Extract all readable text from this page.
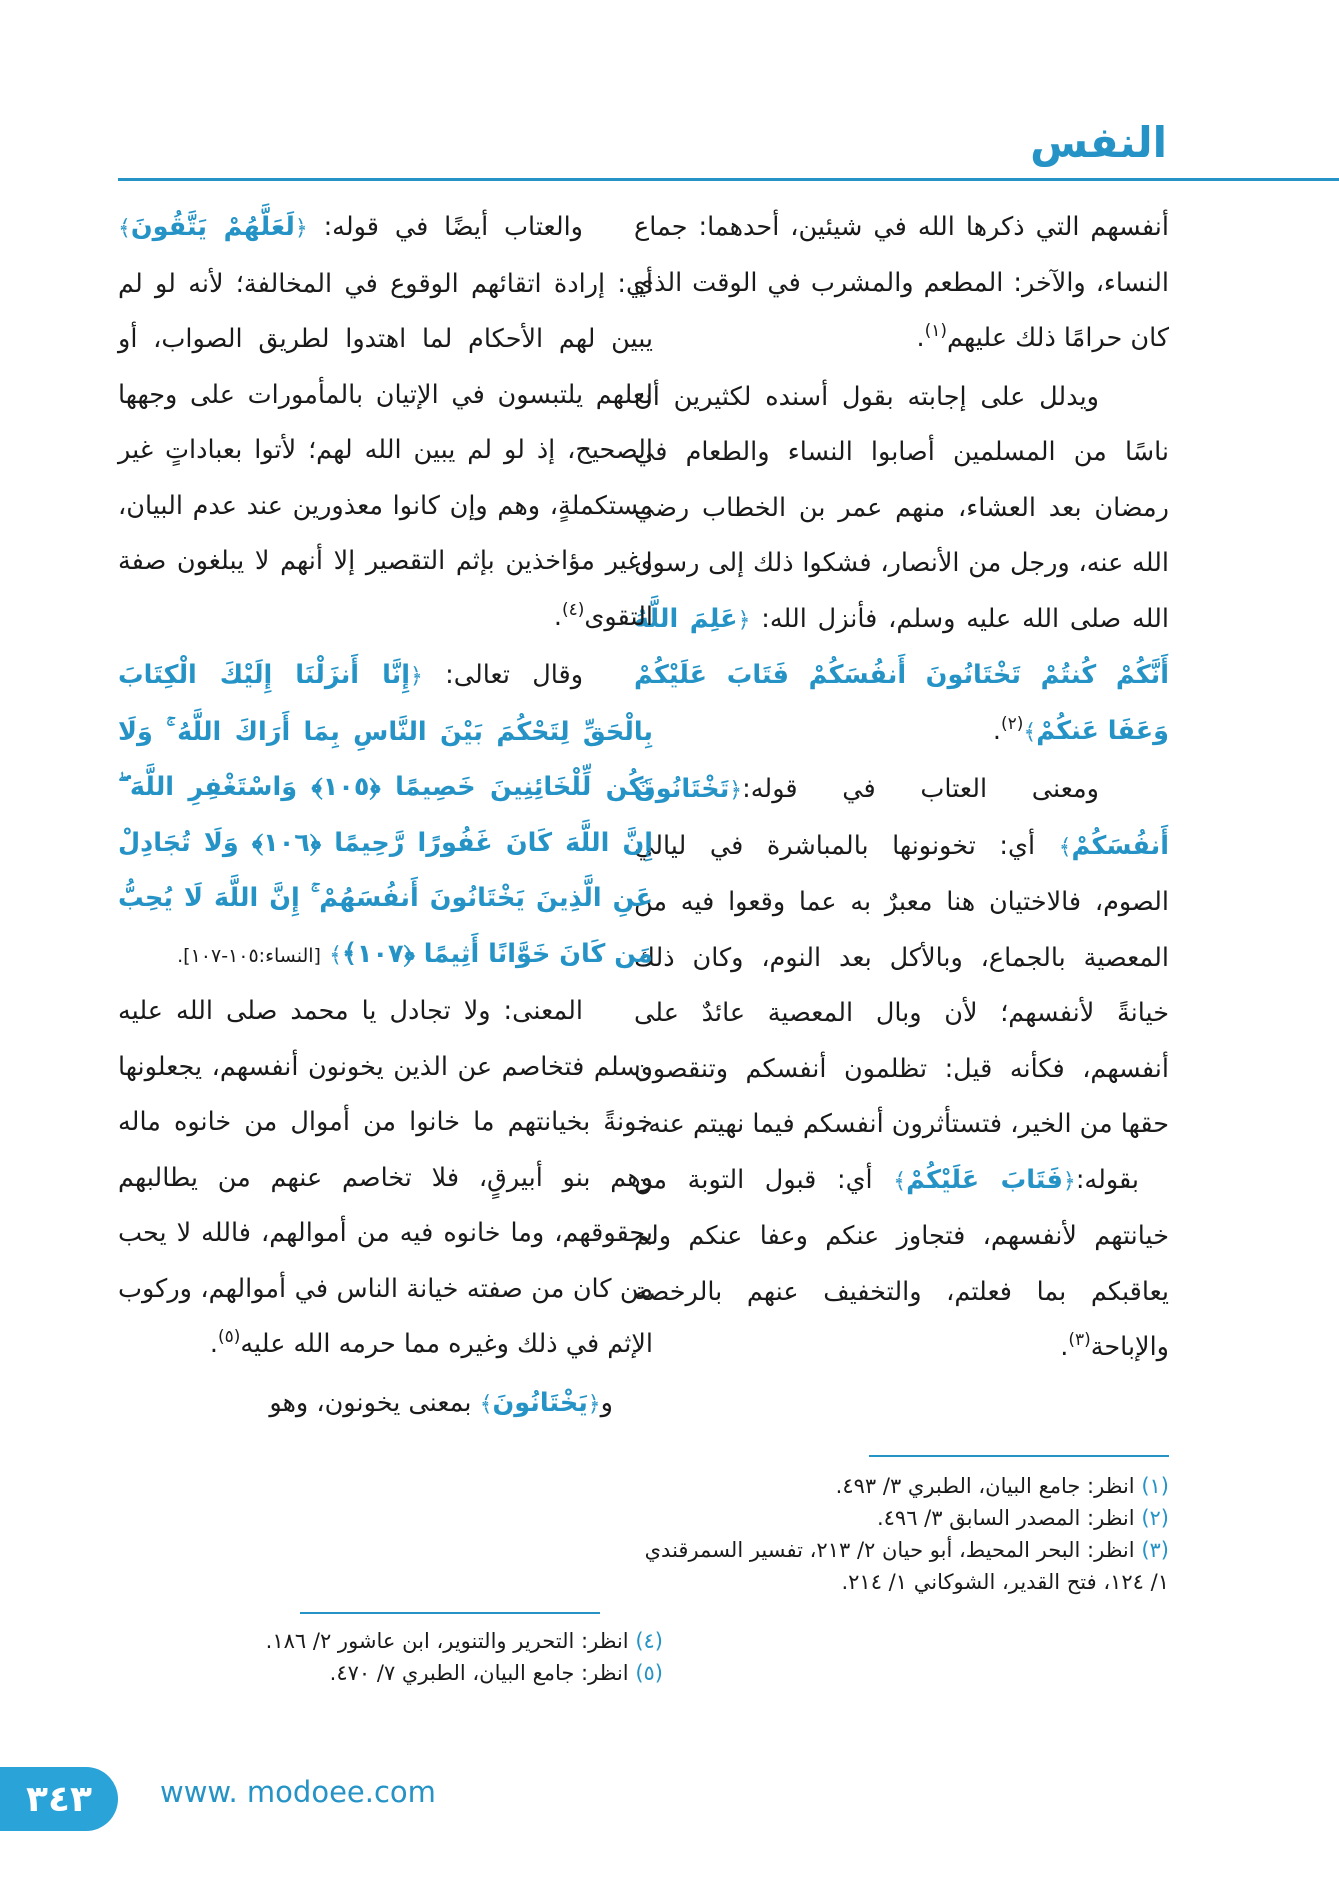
النفس

أنفسهم التي ذكرها الله في شيئين، أحدهما: جماع النساء، والآخر: المطعم والمشرب في الوقت الذي كان حرامًا ذلك عليهم$^{(١)}$.

ويدلل على إجابته بقول أسنده لكثيرين أن ناسًا من المسلمين أصابوا النساء والطعام في رمضان بعد العشاء، منهم عمر بن الخطاب رضي الله عنه، ورجل من الأنصار، فشكوا ذلك إلى رسول الله صلى الله عليه وسلم، فأنزل الله: ﴿عَلِمَ اللَّهُ أَنَّكُمْ كُنتُمْ تَخْتَانُونَ أَنفُسَكُمْ فَتَابَ عَلَيْكُمْ وَعَفَا عَنكُمْ﴾$^{(٢)}$.

ومعنى العتاب في قوله:﴿تَخْتَانُونَ أَنفُسَكُمْ﴾ أي: تخونونها بالمباشرة في ليالي الصوم، فالاختيان هنا معبرٌ به عما وقعوا فيه من المعصية بالجماع، وبالأكل بعد النوم، وكان ذلك خيانةً لأنفسهم؛ لأن وبال المعصية عائدٌ على أنفسهم، فكأنه قيل: تظلمون أنفسكم وتنقصون حقها من الخير، فتستأثرون أنفسكم فيما نهيتم عنه،

بقوله:﴿فَتَابَ عَلَيْكُمْ﴾ أي: قبول التوبة من خيانتهم لأنفسهم، فتجاوز عنكم وعفا عنكم ولم يعاقبكم بما فعلتم، والتخفيف عنهم بالرخصة والإباحة$^{(٣)}$.

والعتاب أيضًا في قوله: ﴿لَعَلَّهُمْ يَتَّقُونَ﴾ أي: إرادة اتقائهم الوقوع في المخالفة؛ لأنه لو لم يبين لهم الأحكام لما اهتدوا لطريق الصواب، أو لعلهم يلتبسون في الإتيان بالمأمورات على وجهها الصحيح، إذ لو لم يبين الله لهم؛ لأتوا بعباداتٍ غير مستكملةٍ، وهم وإن كانوا معذورين عند عدم البيان، وغير مؤاخذين بإثم التقصير إلا أنهم لا يبلغون صفة التقوى$^{(٤)}$.

وقال تعالى: ﴿إِنَّا أَنزَلْنَا إِلَيْكَ الْكِتَابَ بِالْحَقِّ لِتَحْكُمَ بَيْنَ النَّاسِ بِمَا أَرَاكَ اللَّهُ ۚ وَلَا تَكُن لِّلْخَائِنِينَ خَصِيمًا ﴿١٠٥﴾ وَاسْتَغْفِرِ اللَّهَ ۖ إِنَّ اللَّهَ كَانَ غَفُورًا رَّحِيمًا ﴿١٠٦﴾ وَلَا تُجَادِلْ عَنِ الَّذِينَ يَخْتَانُونَ أَنفُسَهُمْ ۚ إِنَّ اللَّهَ لَا يُحِبُّ مَن كَانَ خَوَّانًا أَثِيمًا ﴿١٠٧﴾﴾ [النساء:١٠٥-١٠٧].

المعنى: ولا تجادل يا محمد صلى الله عليه وسلم فتخاصم عن الذين يخونون أنفسهم، يجعلونها خونةً بخيانتهم ما خانوا من أموال من خانوه ماله وهم بنو أبيرقٍ، فلا تخاصم عنهم من يطالبهم بحقوقهم، وما خانوه فيه من أموالهم، فالله لا يحب من كان من صفته خيانة الناس في أموالهم، وركوب الإثم في ذلك وغيره مما حرمه الله عليه$^{(٥)}$.

و﴿يَخْتَانُونَ﴾ بمعنى يخونون، وهو

(١) انظر: جامع البيان، الطبري ٣/ ٤٩٣.
(٢) انظر: المصدر السابق ٣/ ٤٩٦.
(٣) انظر: البحر المحيط، أبو حيان ٢/ ٢١٣، تفسير السمرقندي ١/ ١٢٤، فتح القدير، الشوكاني ١/ ٢١٤.
(٤) انظر: التحرير والتنوير، ابن عاشور ٢/ ١٨٦.
(٥) انظر: جامع البيان، الطبري ٧/ ٤٧٠.
٣٤٣	www. modoee.com
